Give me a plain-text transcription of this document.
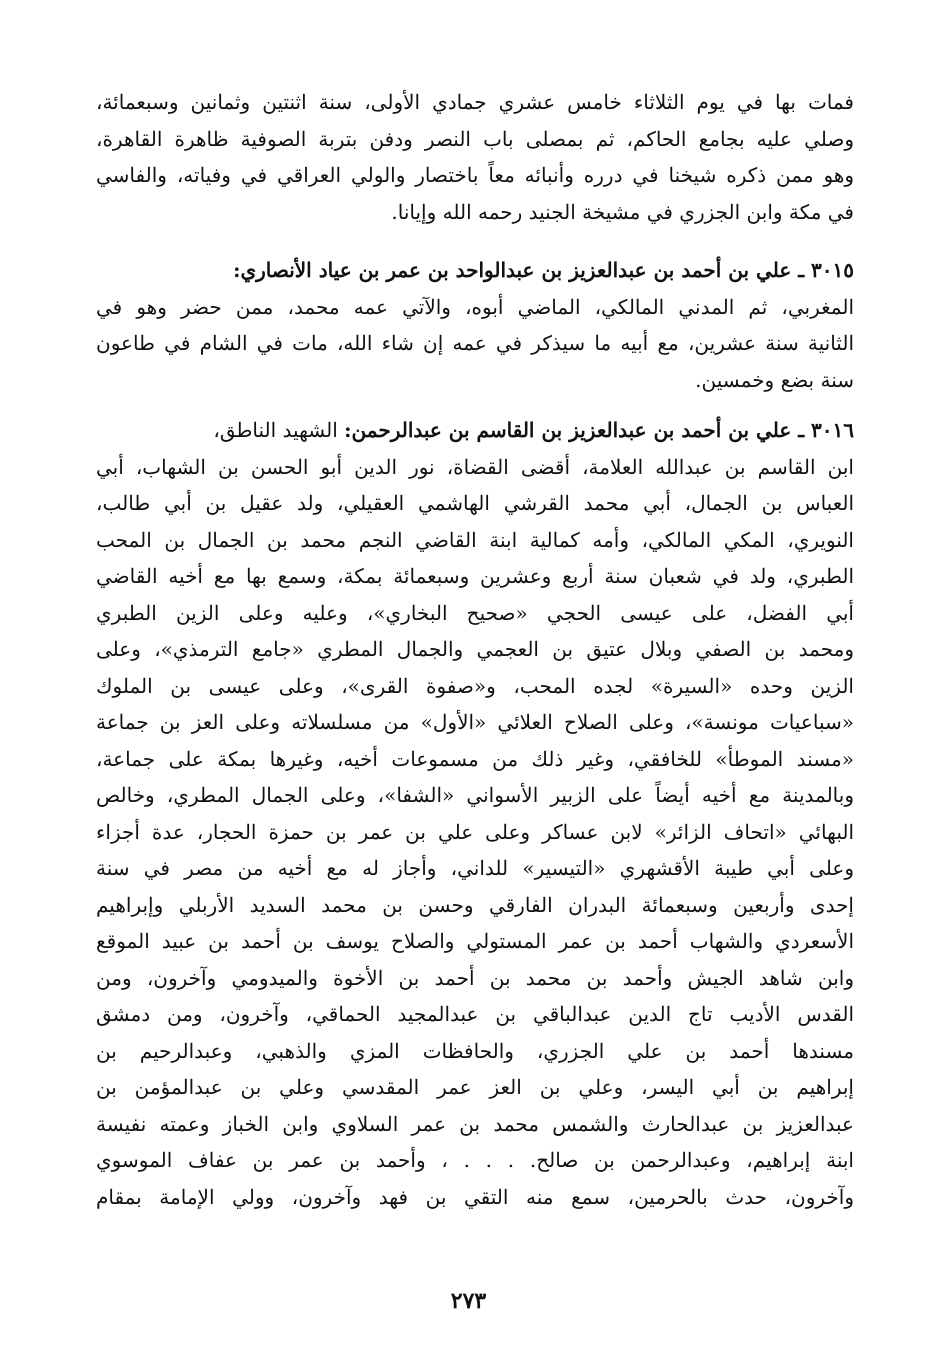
فمات بها في يوم الثلاثاء خامس عشري جمادي الأولى، سنة اثنتين وثمانين وسبعمائة،
وصلي عليه بجامع الحاكم، ثم بمصلى باب النصر ودفن بتربة الصوفية ظاهرة القاهرة،
وهو ممن ذكره شيخنا في درره وأنبائه معاً باختصار والولي العراقي في وفياته، والفاسي
في مكة وابن الجزري في مشيخة الجنيد رحمه الله وإيانا.
٣٠١٥ ـ علي بن أحمد بن عبدالعزيز بن عبدالواحد بن عمر بن عياد الأنصاري:
المغربي، ثم المدني المالكي، الماضي أبوه، والآتي عمه محمد، ممن حضر وهو في
الثانية سنة عشرين، مع أبيه ما سيذكر في عمه إن شاء الله، مات في الشام في طاعون
سنة بضع وخمسين.
٣٠١٦ ـ علي بن أحمد بن عبدالعزيز بن القاسم بن عبدالرحمن: الشهيد الناطق،
ابن القاسم بن عبدالله العلامة، أقضى القضاة، نور الدين أبو الحسن بن الشهاب، أبي
العباس بن الجمال، أبي محمد القرشي الهاشمي العقيلي، ولد عقيل بن أبي طالب،
النويري، المكي المالكي، وأمه كمالية ابنة القاضي النجم محمد بن الجمال بن المحب
الطبري، ولد في شعبان سنة أربع وعشرين وسبعمائة بمكة، وسمع بها مع أخيه القاضي
أبي الفضل، على عيسى الحجي «صحيح البخاري»، وعليه وعلى الزين الطبري
ومحمد بن الصفي وبلال عتيق بن العجمي والجمال المطري «جامع الترمذي»، وعلى
الزين وحده «السيرة» لجده المحب، و«صفوة القرى»، وعلى عيسى بن الملوك
«سباعيات مونسة»، وعلى الصلاح العلائي «الأول» من مسلسلاته وعلى العز بن جماعة
«مسند الموطأ» للخافقي، وغير ذلك من مسموعات أخيه، وغيرها بمكة على جماعة،
وبالمدينة مع أخيه أيضاً على الزبير الأسواني «الشفا»، وعلى الجمال المطري، وخالص
البهائي «اتحاف الزائر» لابن عساكر وعلى علي بن عمر بن حمزة الحجار، عدة أجزاء
وعلى أبي طيبة الأقشهري «التيسير» للداني، وأجاز له مع أخيه من مصر في سنة
إحدى وأربعين وسبعمائة البدران الفارقي وحسن بن محمد السديد الأربلي وإبراهيم
الأسعردي والشهاب أحمد بن عمر المستولي والصلاح يوسف بن أحمد بن عبيد الموقع
وابن شاهد الجيش وأحمد بن محمد بن أحمد بن الأخوة والميدومي وآخرون، ومن
القدس الأديب تاج الدين عبدالباقي بن عبدالمجيد الحماقي، وآخرون، ومن دمشق
مسندها أحمد بن علي الجزري، والحافظات المزي والذهبي، وعبدالرحيم بن
إبراهيم بن أبي اليسر، وعلي بن العز عمر المقدسي وعلي بن عبدالمؤمن بن
عبدالعزيز بن عبدالحارث والشمس محمد بن عمر السلاوي وابن الخباز وعمته نفيسة
ابنة إبراهيم، وعبدالرحمن بن صالح. . . . ، وأحمد بن عمر بن عفاف الموسوي
وآخرون، حدث بالحرمين، سمع منه التقي بن فهد وآخرون، وولي الإمامة بمقام
٢٧٣
